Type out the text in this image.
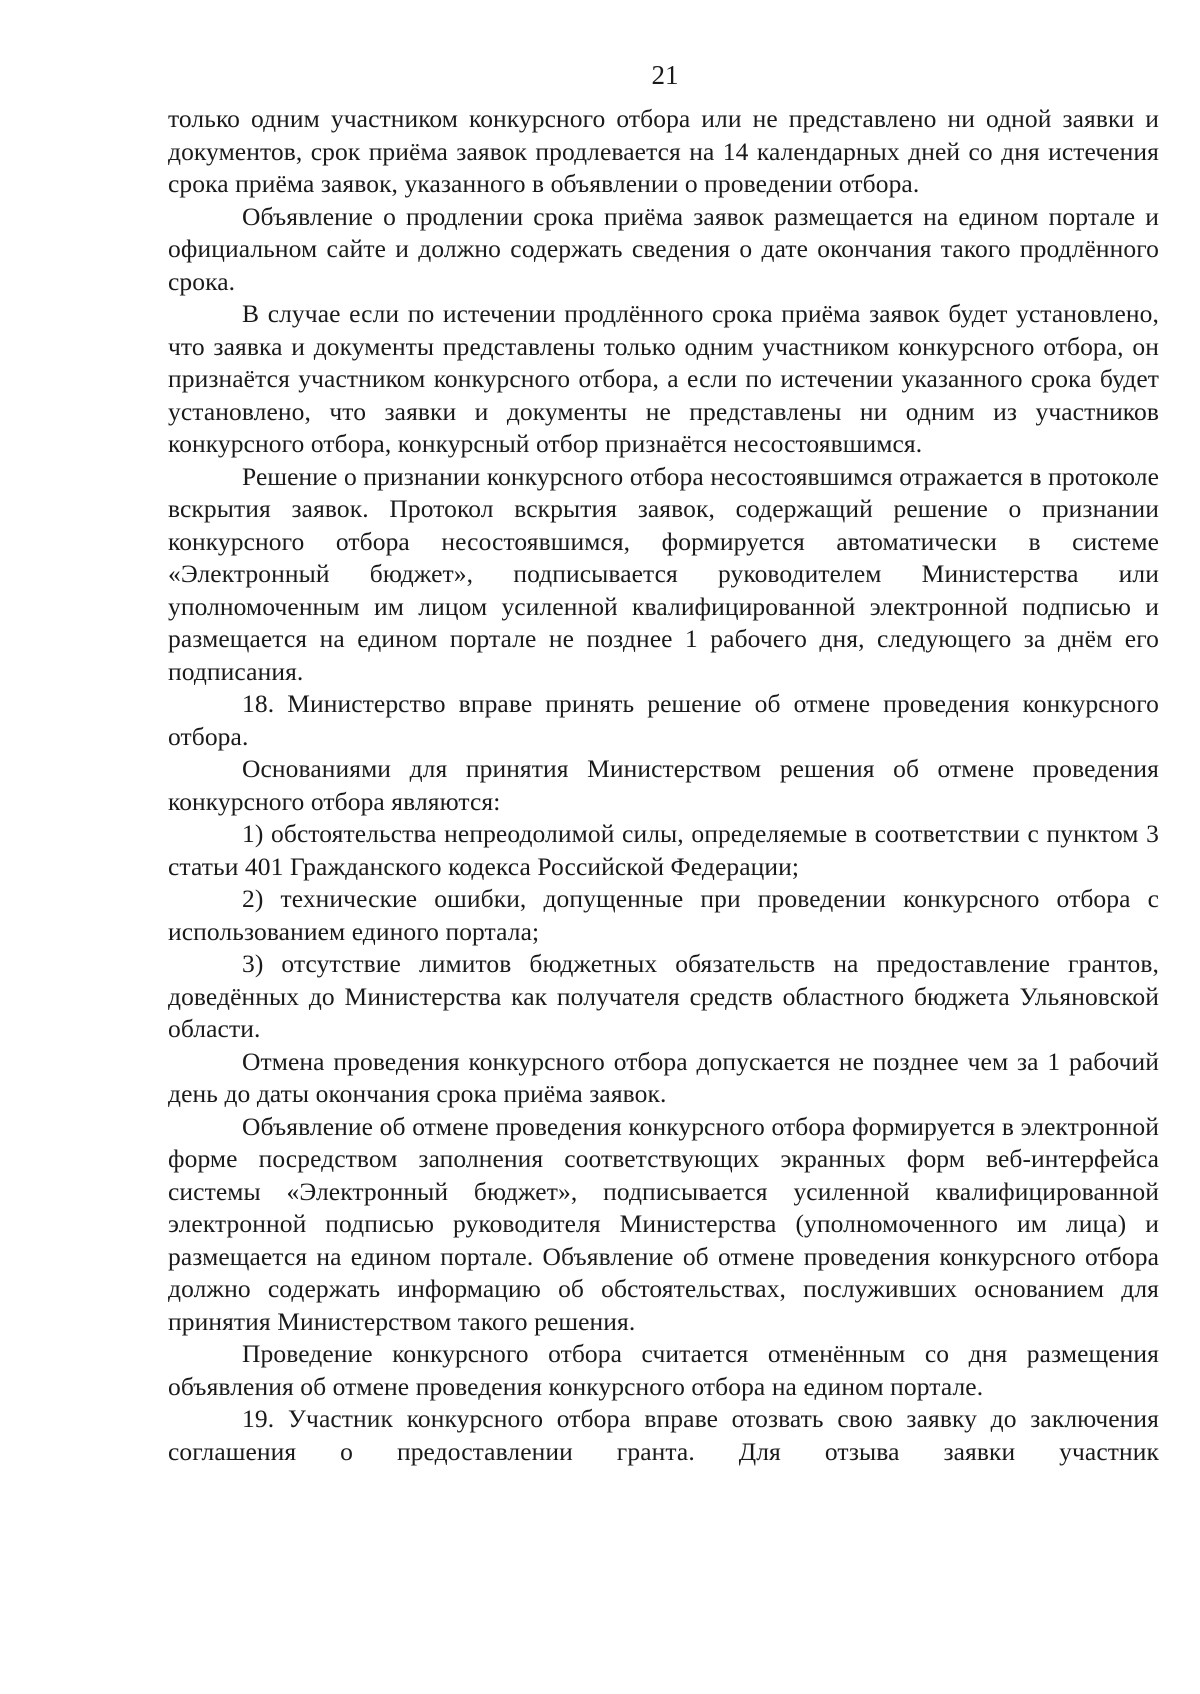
21

только одним участником конкурсного отбора или не представлено ни одной заявки и документов, срок приёма заявок продлевается на 14 календарных дней со дня истечения срока приёма заявок, указанного в объявлении о проведении отбора.

Объявление о продлении срока приёма заявок размещается на едином портале и официальном сайте и должно содержать сведения о дате окончания такого продлённого срока.

В случае если по истечении продлённого срока приёма заявок будет установлено, что заявка и документы представлены только одним участником конкурсного отбора, он признаётся участником конкурсного отбора, а если по истечении указанного срока будет установлено, что заявки и документы не представлены ни одним из участников конкурсного отбора, конкурсный отбор признаётся несостоявшимся.

Решение о признании конкурсного отбора несостоявшимся отражается в протоколе вскрытия заявок. Протокол вскрытия заявок, содержащий решение о признании конкурсного отбора несостоявшимся, формируется автоматически в системе «Электронный бюджет», подписывается руководителем Министерства или уполномоченным им лицом усиленной квалифицированной электронной подписью и размещается на едином портале не позднее 1 рабочего дня, следующего за днём его подписания.

18. Министерство вправе принять решение об отмене проведения конкурсного отбора.

Основаниями для принятия Министерством решения об отмене проведения конкурсного отбора являются:

1) обстоятельства непреодолимой силы, определяемые в соответствии с пунктом 3 статьи 401 Гражданского кодекса Российской Федерации;

2) технические ошибки, допущенные при проведении конкурсного отбора с использованием единого портала;

3) отсутствие лимитов бюджетных обязательств на предоставление грантов, доведённых до Министерства как получателя средств областного бюджета Ульяновской области.

Отмена проведения конкурсного отбора допускается не позднее чем за 1 рабочий день до даты окончания срока приёма заявок.

Объявление об отмене проведения конкурсного отбора формируется в электронной форме посредством заполнения соответствующих экранных форм веб-интерфейса системы «Электронный бюджет», подписывается усиленной квалифицированной электронной подписью руководителя Министерства (уполномоченного им лица) и размещается на едином портале. Объявление об отмене проведения конкурсного отбора должно содержать информацию об обстоятельствах, послуживших основанием для принятия Министерством такого решения.

Проведение конкурсного отбора считается отменённым со дня размещения объявления об отмене проведения конкурсного отбора на едином портале.

19. Участник конкурсного отбора вправе отозвать свою заявку до заключения соглашения о предоставлении гранта. Для отзыва заявки участник
